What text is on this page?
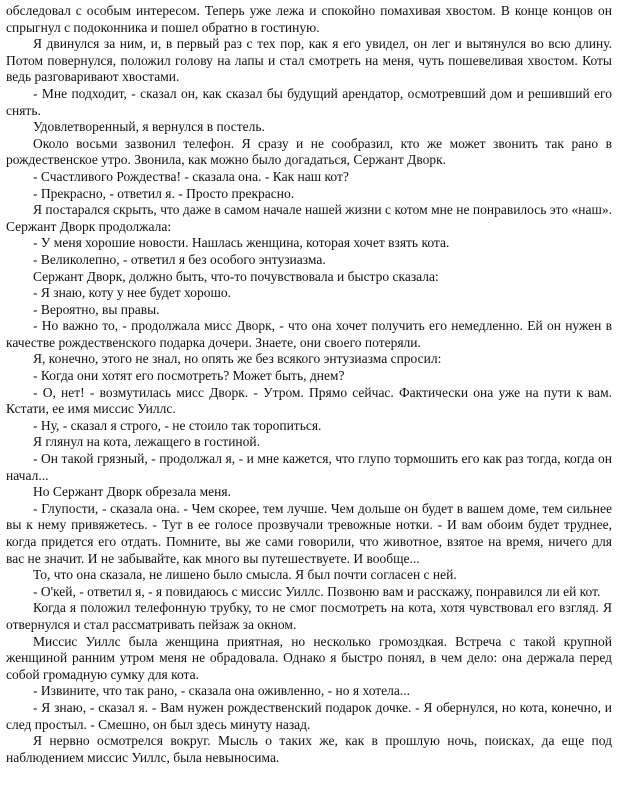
обследовал с особым интересом. Теперь уже лежа и спокойно помахивая хвостом. В конце концов он спрыгнул с подоконника и пошел обратно в гостиную.

Я двинулся за ним, и, в первый раз с тех пор, как я его увидел, он лег и вытянулся во всю длину. Потом повернулся, положил голову на лапы и стал смотреть на меня, чуть пошевеливая хвостом. Коты ведь разговаривают хвостами.

- Мне подходит, - сказал он, как сказал бы будущий арендатор, осмотревший дом и решивший его снять.

Удовлетворенный, я вернулся в постель.

Около восьми зазвонил телефон. Я сразу и не сообразил, кто же может звонить так рано в рождественское утро. Звонила, как можно было догадаться, Сержант Дворк.

- Счастливого Рождества! - сказала она. - Как наш кот?

- Прекрасно, - ответил я. - Просто прекрасно.

Я постарался скрыть, что даже в самом начале нашей жизни с котом мне не понравилось это «наш». Сержант Дворк продолжала:

- У меня хорошие новости. Нашлась женщина, которая хочет взять кота.

- Великолепно, - ответил я без особого энтузиазма.

Сержант Дворк, должно быть, что-то почувствовала и быстро сказала:

- Я знаю, коту у нее будет хорошо.

- Вероятно, вы правы.

- Но важно то, - продолжала мисс Дворк, - что она хочет получить его немедленно. Ей он нужен в качестве рождественского подарка дочери. Знаете, они своего потеряли.

Я, конечно, этого не знал, но опять же без всякого энтузиазма спросил:

- Когда они хотят его посмотреть? Может быть, днем?

- О, нет! - возмутилась мисс Дворк. - Утром. Прямо сейчас. Фактически она уже на пути к вам. Кстати, ее имя миссис Уиллс.

- Ну, - сказал я строго, - не стоило так торопиться.

Я глянул на кота, лежащего в гостиной.

- Он такой грязный, - продолжал я, - и мне кажется, что глупо тормошить его как раз тогда, когда он начал...

Но Сержант Дворк обрезала меня.

- Глупости, - сказала она. - Чем скорее, тем лучше. Чем дольше он будет в вашем доме, тем сильнее вы к нему привяжетесь. - Тут в ее голосе прозвучали тревожные нотки. - И вам обоим будет труднее, когда придется его отдать. Помните, вы же сами говорили, что животное, взятое на время, ничего для вас не значит. И не забывайте, как много вы путешествуете. И вообще...

То, что она сказала, не лишено было смысла. Я был почти согласен с ней.

- О'кей, - ответил я, - я повидаюсь с миссис Уиллс. Позвоню вам и расскажу, понравился ли ей кот.

Когда я положил телефонную трубку, то не смог посмотреть на кота, хотя чувствовал его взгляд. Я отвернулся и стал рассматривать пейзаж за окном.

Миссис Уиллс была женщина приятная, но несколько громоздкая. Встреча с такой крупной женщиной ранним утром меня не обрадовала. Однако я быстро понял, в чем дело: она держала перед собой громадную сумку для кота.

- Извините, что так рано, - сказала она оживленно, - но я хотела...

- Я знаю, - сказал я. - Вам нужен рождественский подарок дочке. - Я обернулся, но кота, конечно, и след простыл. - Смешно, он был здесь минуту назад.

Я нервно осмотрелся вокруг. Мысль о таких же, как в прошлую ночь, поисках, да еще под наблюдением миссис Уиллс, была невыносима.
